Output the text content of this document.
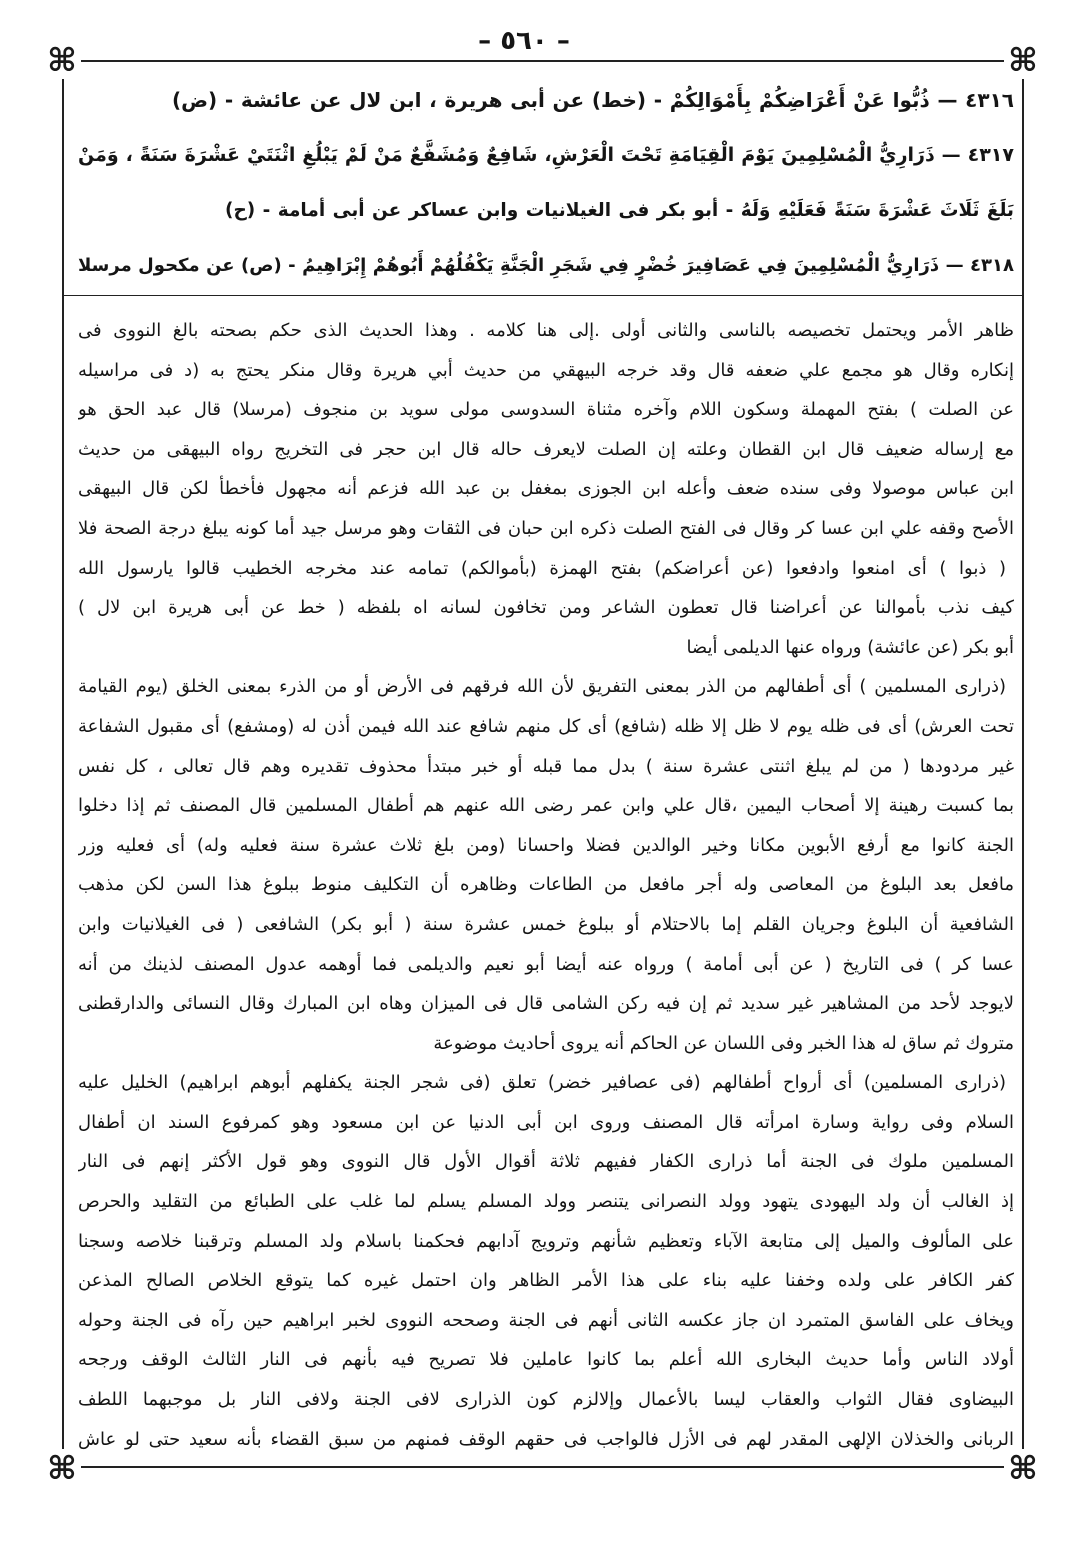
– ٥٦٠ –
⌘
⌘
⌘
⌘
٤٣١٦ — ذُبُّوا عَنْ أَعْرَاضِكُمْ بِأَمْوَالِكُمْ - (خط) عن أبى هريرة ، ابن لال عن عائشة - (ض)
٤٣١٧ — ذَرَارِيُّ الْمُسْلِمِينَ يَوْمَ الْقِيَامَةِ تَحْتَ الْعَرْشِ، شَافِعٌ وَمُشَفَّعٌ مَنْ لَمْ يَبْلُغِ اثْنَتَيْ عَشْرَةَ سَنَةً ، وَمَنْ
بَلَغَ ثَلَاثَ عَشْرَةَ سَنَةً فَعَلَيْهِ وَلَهُ - أبو بكر فى الغيلانيات وابن عساكر عن أبى أمامة - (ح)
٤٣١٨ — ذَرَارِيُّ الْمُسْلِمِينَ فِي عَصَافِيرَ خُضْرٍ فِي شَجَرِ الْجَنَّةِ يَكْفُلُهُمْ أَبُوهُمْ إِبْرَاهِيمُ - (ص) عن مكحول مرسلا
ظاهر الأمر ويحتمل تخصيصه بالناسى والثانى أولى .إلى هنا كلامه . وهذا الحديث الذى حكم بصحته بالغ النووى فى
إنكاره وقال هو مجمع علي ضعفه قال وقد خرجه البيهقي من حديث أبي هريرة وقال منكر يحتج به (د فى مراسيله
عن الصلت ) بفتح المهملة وسكون اللام وآخره مثناة السدوسى مولى سويد بن منجوف (مرسلا) قال عبد الحق هو
مع إرساله ضعيف قال ابن القطان وعلته إن الصلت لايعرف حاله قال ابن حجر فى التخريج رواه البيهقى من حديث
ابن عباس موصولا وفى سنده ضعف وأعله ابن الجوزى بمغفل بن عبد الله فزعم أنه مجهول فأخطأ لكن قال البيهقى
الأصح وقفه علي ابن عسا كر وقال فى الفتح الصلت ذكره ابن حبان فى الثقات وهو مرسل جيد أما كونه يبلغ درجة الصحة فلا
( ذبوا ) أى امنعوا وادفعوا (عن أعراضكم) بفتح الهمزة (بأموالكم) تمامه عند مخرجه الخطيب قالوا يارسول الله
كيف نذب بأموالنا عن أعراضنا قال تعطون الشاعر ومن تخافون لسانه اه بلفظه ( خط عن أبى هريرة ابن لال )
أبو بكر (عن عائشة) ورواه عنها الديلمى أيضا
(ذرارى المسلمين ) أى أطفالهم من الذر بمعنى التفريق لأن الله فرقهم فى الأرض أو من الذرء بمعنى الخلق (يوم القيامة
تحت العرش) أى فى ظله يوم لا ظل إلا ظله (شافع) أى كل منهم شافع عند الله فيمن أذن له (ومشفع) أى مقبول الشفاعة
غير مردودها ( من لم يبلغ اثنتى عشرة سنة ) بدل مما قبله أو خبر مبتدأ محذوف تقديره وهم قال تعالى ، كل نفس
بما كسبت رهينة إلا أصحاب اليمين ،قال علي وابن عمر رضى الله عنهم هم أطفال المسلمين قال المصنف ثم إذا دخلوا
الجنة كانوا مع أرفع الأبوين مكانا وخير الوالدين فضلا واحسانا (ومن بلغ ثلاث عشرة سنة فعليه وله) أى فعليه وزر
مافعل بعد البلوغ من المعاصى وله أجر مافعل من الطاعات وظاهره أن التكليف منوط ببلوغ هذا السن لكن مذهب
الشافعية أن البلوغ وجريان القلم إما بالاحتلام أو ببلوغ خمس عشرة سنة ( أبو بكر) الشافعى ( فى الغيلانيات وابن
عسا كر ) فى التاريخ ( عن أبى أمامة ) ورواه عنه أيضا أبو نعيم والديلمى فما أوهمه عدول المصنف لذينك من أنه
لايوجد لأحد من المشاهير غير سديد ثم إن فيه ركن الشامى قال فى الميزان وهاه ابن المبارك وقال النسائى والدارقطنى
متروك ثم ساق له هذا الخبر وفى اللسان عن الحاكم أنه يروى أحاديث موضوعة
(ذرارى المسلمين) أى أرواح أطفالهم (فى عصافير خضر) تعلق (فى شجر الجنة يكفلهم أبوهم ابراهيم) الخليل عليه
السلام وفى رواية وسارة امرأته قال المصنف وروى ابن أبى الدنيا عن ابن مسعود وهو كمرفوع السند ان أطفال
المسلمين ملوك فى الجنة أما ذرارى الكفار ففيهم ثلاثة أقوال الأول قال النووى وهو قول الأكثر إنهم فى النار
إذ الغالب أن ولد اليهودى يتهود وولد النصرانى يتنصر وولد المسلم يسلم لما غلب على الطبائع من التقليد والحرص
على المألوف والميل إلى متابعة الآباء وتعظيم شأنهم وترويج آدابهم فحكمنا باسلام ولد المسلم وترقبنا خلاصه وسجنا
كفر الكافر على ولده وخفنا عليه بناء على هذا الأمر الظاهر وان احتمل غيره كما يتوقع الخلاص الصالح المذعن
ويخاف على الفاسق المتمرد ان جاز عكسه الثانى أنهم فى الجنة وصححه النووى لخبر ابراهيم حين رآه فى الجنة وحوله
أولاد الناس وأما حديث البخارى الله أعلم بما كانوا عاملين فلا تصريح فيه بأنهم فى النار الثالث الوقف ورجحه
البيضاوى فقال الثواب والعقاب ليسا بالأعمال وإلالزم كون الذرارى لافى الجنة ولافى النار بل موجبهما اللطف
الربانى والخذلان الإلهى المقدر لهم فى الأزل فالواجب فى حقهم الوقف فمنهم من سبق القضاء بأنه سعيد حتى لو عاش
